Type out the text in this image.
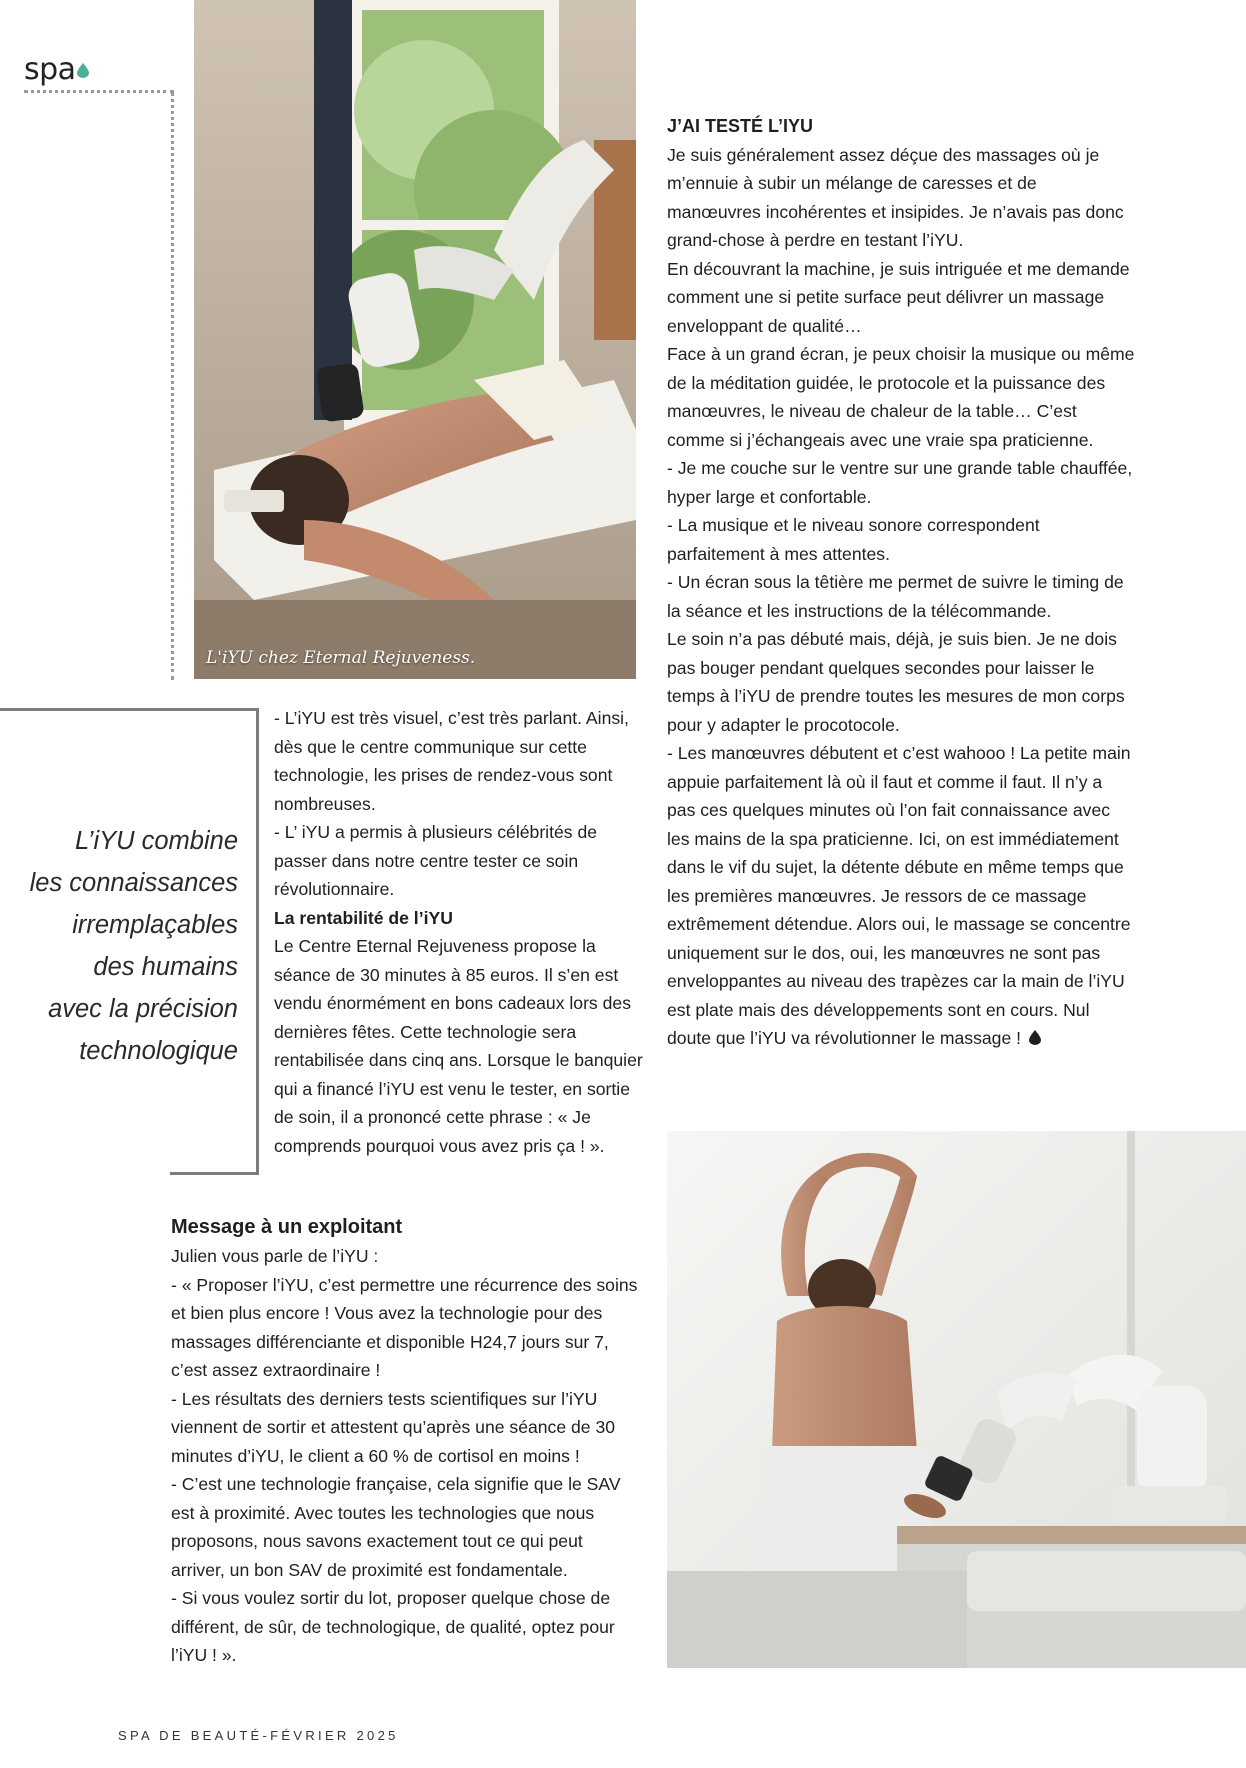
spa
L'iYU chez Eternal Rejuveness.
L’iYU combine
les connaissances
irremplaçables
des humains
avec la précision
technologique

- L’iYU est très visuel, c’est très parlant. Ainsi, dès que le centre communique sur cette technologie, les prises de rendez-vous sont nombreuses.

- L’ iYU a permis à plusieurs célébrités de passer dans notre centre tester ce soin révolutionnaire.

La rentabilité de l’iYU

Le Centre Eternal Rejuveness propose la séance de 30 minutes à 85 euros. Il s’en est vendu énormément en bons cadeaux lors des dernières fêtes. Cette technologie sera rentabilisée dans cinq ans. Lorsque le banquier qui a financé l’iYU est venu le tester, en sortie de soin, il a prononcé cette phrase : « Je comprends pourquoi vous avez pris ça ! ».

J’AI TESTÉ L’IYU

Je suis généralement assez déçue des massages où je m’ennuie à subir un mélange de caresses et de manœuvres incohérentes et insipides. Je n’avais pas donc grand-chose à perdre en testant l’iYU.

En découvrant la machine, je suis intriguée et me demande comment une si petite surface peut délivrer un massage enveloppant de qualité…

Face à un grand écran, je peux choisir la musique ou même de la méditation guidée, le protocole et la puissance des manœuvres, le niveau de chaleur de la table… C’est comme si j’échangeais avec une vraie spa praticienne.

- Je me couche sur le ventre sur une grande table chauffée, hyper large et confortable.

- La musique et le niveau sonore correspondent parfaitement à mes attentes.

- Un écran sous la têtière me permet de suivre le timing de la séance et les instructions de la télécommande.

Le soin n’a pas débuté mais, déjà, je suis bien. Je ne dois pas bouger pendant quelques secondes pour laisser le temps à l’iYU de prendre toutes les mesures de mon corps pour y adapter le procotocole.

- Les manœuvres débutent et c’est wahooo ! La petite main appuie parfaitement là où il faut et comme il faut. Il n’y a pas ces quelques minutes où l’on fait connaissance avec les mains de la spa praticienne. Ici, on est immédiatement dans le vif du sujet, la détente débute en même temps que les premières manœuvres. Je ressors de ce massage extrêmement détendue. Alors oui, le massage se concentre uniquement sur le dos, oui, les manœuvres ne sont pas enveloppantes au niveau des trapèzes car la main de l’iYU est plate mais des développements sont en cours. Nul doute que l’iYU va révolutionner le massage !

Message à un exploitant

Julien vous parle de l’iYU :

- « Proposer l’iYU, c’est permettre une récurrence des soins et bien plus encore ! Vous avez la technologie pour des massages différenciante et disponible H24,7 jours sur 7, c’est assez extraordinaire !

- Les résultats des derniers tests scientifiques sur l’iYU viennent de sortir et attestent qu’après une séance de 30 minutes d’iYU, le client a 60 % de cortisol en moins !

- C’est une technologie française, cela signifie que le SAV est à proximité. Avec toutes les technologies que nous proposons, nous savons exactement tout ce qui peut arriver, un bon SAV de proximité est fondamentale.

- Si vous voulez sortir du lot, proposer quelque chose de différent, de sûr, de technologique, de qualité, optez pour l’iYU ! ».

SPA DE BEAUTÉ-FÉVRIER 2025
